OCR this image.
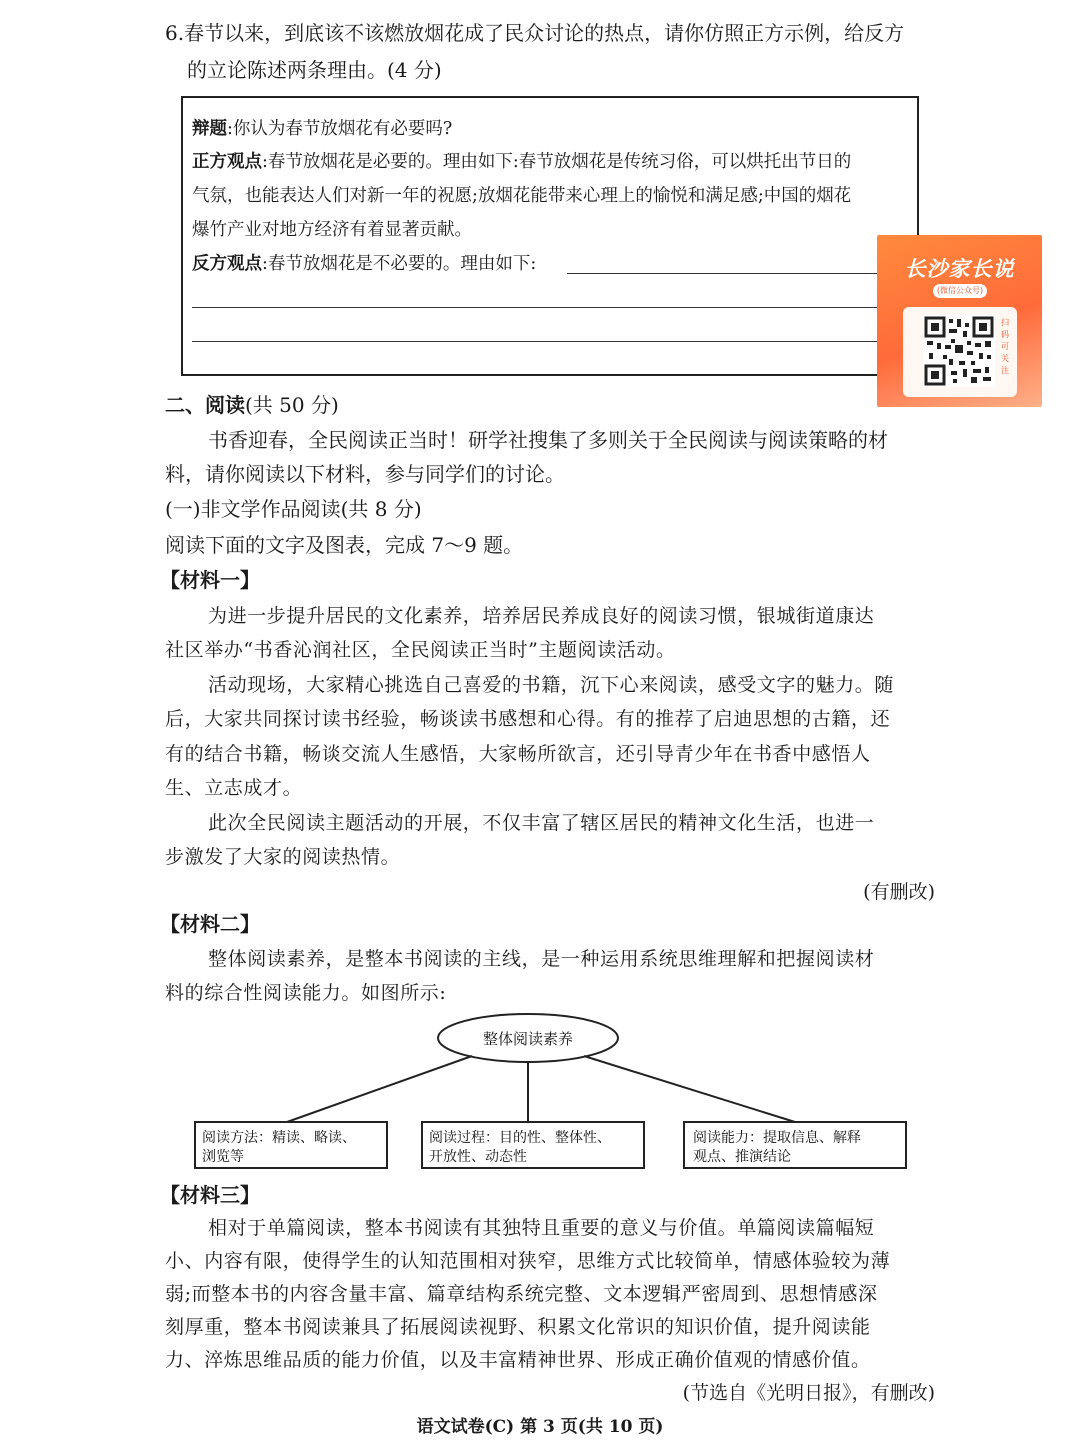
6.春节以来，到底该不该燃放烟花成了民众讨论的热点，请你仿照正方示例，给反方
的立论陈述两条理由。(4 分)
辩题:你认为春节放烟花有必要吗?
正方观点:春节放烟花是必要的。理由如下:春节放烟花是传统习俗，可以烘托出节日的
气氛，也能表达人们对新一年的祝愿;放烟花能带来心理上的愉悦和满足感;中国的烟花
爆竹产业对地方经济有着显著贡献。
反方观点:春节放烟花是不必要的。理由如下:	长沙家长说
(微信公众号)
扫码可关注
二、阅读(共 50 分)
书香迎春，全民阅读正当时！研学社搜集了多则关于全民阅读与阅读策略的材
料，请你阅读以下材料，参与同学们的讨论。
(一)非文学作品阅读(共 8 分)
阅读下面的文字及图表，完成 7～9 题。
【材料一】
为进一步提升居民的文化素养，培养居民养成良好的阅读习惯，银城街道康达
社区举办“书香沁润社区，全民阅读正当时”主题阅读活动。
活动现场，大家精心挑选自己喜爱的书籍，沉下心来阅读，感受文字的魅力。随
后，大家共同探讨读书经验，畅谈读书感想和心得。有的推荐了启迪思想的古籍，还
有的结合书籍，畅谈交流人生感悟，大家畅所欲言，还引导青少年在书香中感悟人
生、立志成才。
此次全民阅读主题活动的开展，不仅丰富了辖区居民的精神文化生活，也进一
步激发了大家的阅读热情。
(有删改)
【材料二】
整体阅读素养，是整本书阅读的主线，是一种运用系统思维理解和把握阅读材
料的综合性阅读能力。如图所示:
整体阅读素养
阅读方法：精读、略读、
浏览等
阅读过程：目的性、整体性、
开放性、动态性
阅读能力：提取信息、解释
观点、推演结论
【材料三】
相对于单篇阅读，整本书阅读有其独特且重要的意义与价值。单篇阅读篇幅短
小、内容有限，使得学生的认知范围相对狭窄，思维方式比较简单，情感体验较为薄
弱;而整本书的内容含量丰富、篇章结构系统完整、文本逻辑严密周到、思想情感深
刻厚重，整本书阅读兼具了拓展阅读视野、积累文化常识的知识价值，提升阅读能
力、淬炼思维品质的能力价值，以及丰富精神世界、形成正确价值观的情感价值。
(节选自《光明日报》，有删改)
语文试卷(C) 第 3 页(共 10 页)
